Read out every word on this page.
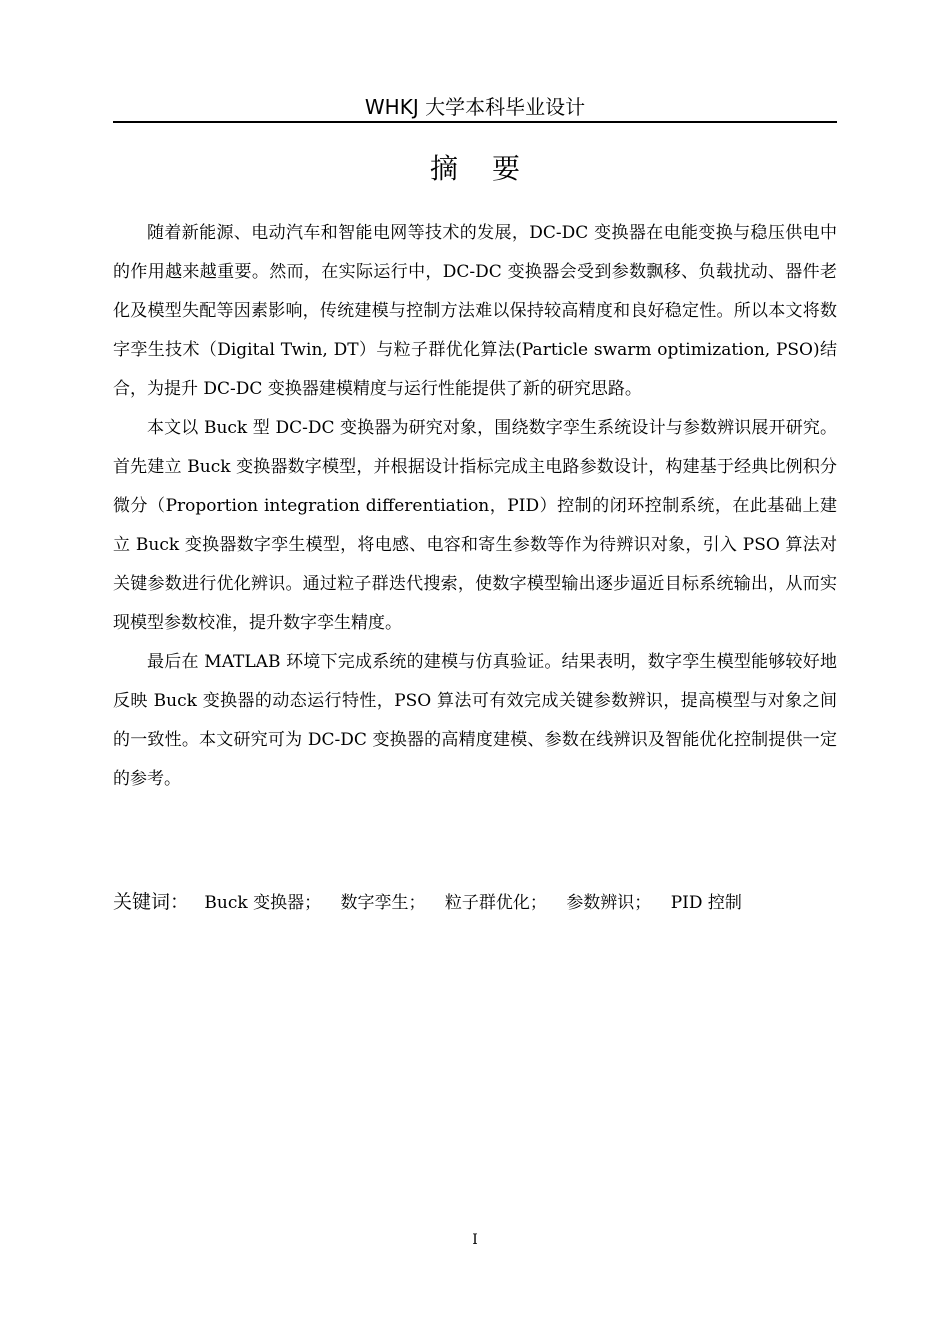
WHKJ 大学本科毕业设计
摘要

随着新能源、电动汽车和智能电网等技术的发展，DC-DC 变换器在电能变换与稳压供电中的作用越来越重要。然而，在实际运行中，DC-DC 变换器会受到参数飘移、负载扰动、器件老化及模型失配等因素影响，传统建模与控制方法难以保持较高精度和良好稳定性。所以本文将数字孪生技术（Digital Twin, DT）与粒子群优化算法(Particle swarm optimization, PSO)结合，为提升 DC-DC 变换器建模精度与运行性能提供了新的研究思路。

本文以 Buck 型 DC-DC 变换器为研究对象，围绕数字孪生系统设计与参数辨识展开研究。首先建立 Buck 变换器数字模型，并根据设计指标完成主电路参数设计，构建基于经典比例积分微分（Proportion integration differentiation，PID）控制的闭环控制系统，在此基础上建立 Buck 变换器数字孪生模型，将电感、电容和寄生参数等作为待辨识对象，引入 PSO 算法对关键参数进行优化辨识。通过粒子群迭代搜索，使数字模型输出逐步逼近目标系统输出，从而实现模型参数校准，提升数字孪生精度。

最后在 MATLAB 环境下完成系统的建模与仿真验证。结果表明，数字孪生模型能够较好地反映 Buck 变换器的动态运行特性，PSO 算法可有效完成关键参数辨识，提高模型与对象之间的一致性。本文研究可为 DC-DC 变换器的高精度建模、参数在线辨识及智能优化控制提供一定的参考。

关键词： Buck 变换器； 数字孪生； 粒子群优化； 参数辨识； PID 控制
I
